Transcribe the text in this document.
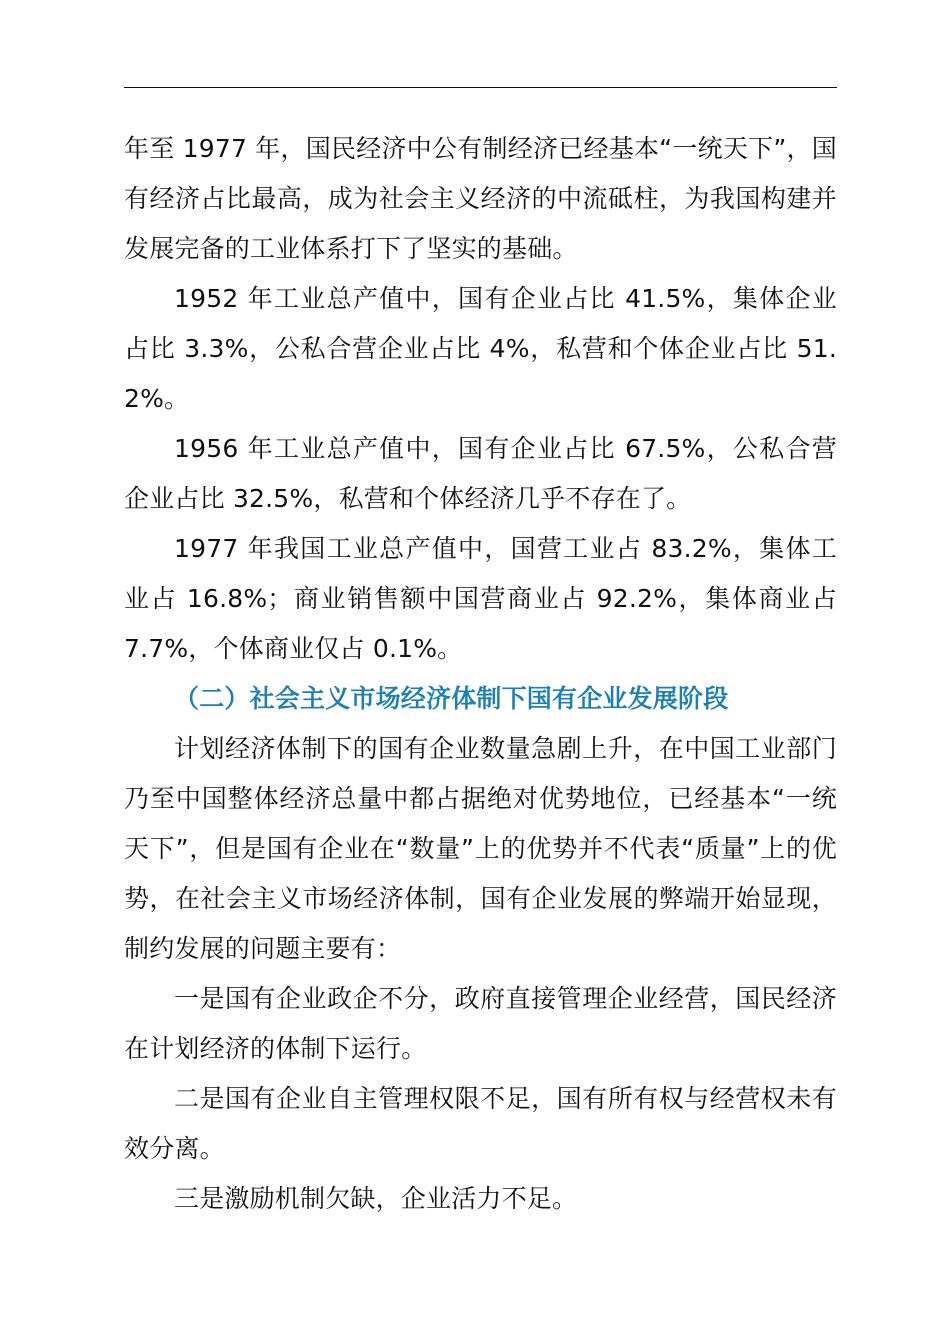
年至 1977 年，国民经济中公有制经济已经基本“一统天下”，国有经济占比最高，成为社会主义经济的中流砥柱，为我国构建并发展完备的工业体系打下了坚实的基础。

1952 年工业总产值中，国有企业占比 41.5%，集体企业占比 3.3%，公私合营企业占比 4%，私营和个体企业占比 51.2%。

1956 年工业总产值中，国有企业占比 67.5%，公私合营企业占比 32.5%，私营和个体经济几乎不存在了。

1977 年我国工业总产值中，国营工业占 83.2%，集体工业占 16.8%；商业销售额中国营商业占 92.2%，集体商业占 7.7%，个体商业仅占 0.1%。

（二）社会主义市场经济体制下国有企业发展阶段

计划经济体制下的国有企业数量急剧上升，在中国工业部门乃至中国整体经济总量中都占据绝对优势地位，已经基本“一统天下”，但是国有企业在“数量”上的优势并不代表“质量”上的优势，在社会主义市场经济体制，国有企业发展的弊端开始显现，制约发展的问题主要有：

一是国有企业政企不分，政府直接管理企业经营，国民经济在计划经济的体制下运行。

二是国有企业自主管理权限不足，国有所有权与经营权未有效分离。

三是激励机制欠缺，企业活力不足。
